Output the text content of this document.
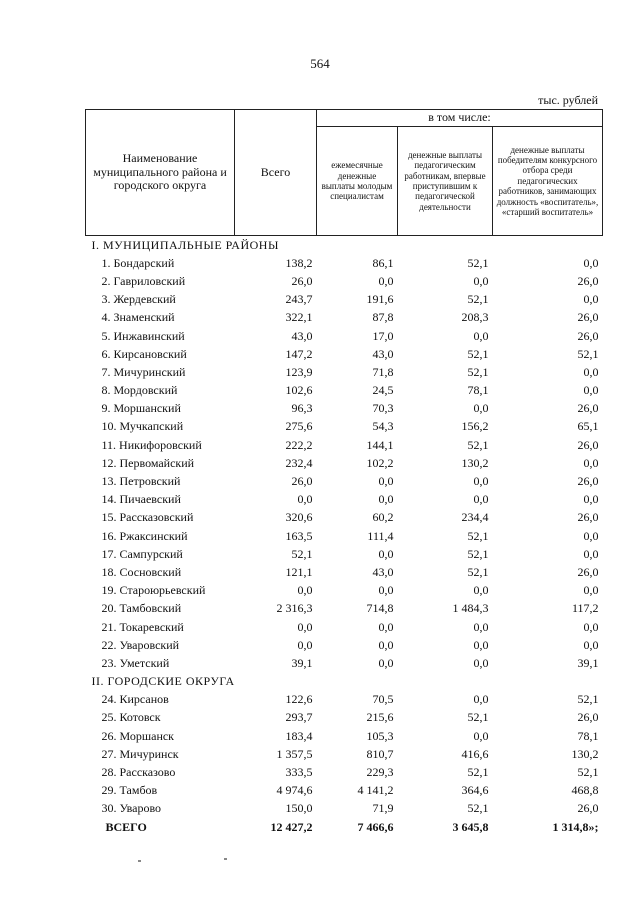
564
тыс. рублей
Наименование муниципального района и городского округа	Всего	в том числе:		
		ежемесячные денежные выплаты молодым специалистам	денежные выплаты педагогическим работникам, впервые приступившим к педагогической деятельности	денежные выплаты победителям конкурсного отбора среди педагогических работников, занимающих должность «воспитатель», «старший воспитатель»
І. МУНИЦИПАЛЬНЫЕ РАЙОНЫ				
1. Бондарский	138,2	86,1	52,1	0,0
2. Гавриловский	26,0	0,0	0,0	26,0
3. Жердевский	243,7	191,6	52,1	0,0
4. Знаменский	322,1	87,8	208,3	26,0
5. Инжавинский	43,0	17,0	0,0	26,0
6. Кирсановский	147,2	43,0	52,1	52,1
7. Мичуринский	123,9	71,8	52,1	0,0
8. Мордовский	102,6	24,5	78,1	0,0
9. Моршанский	96,3	70,3	0,0	26,0
10. Мучкапский	275,6	54,3	156,2	65,1
11. Никифоровский	222,2	144,1	52,1	26,0
12. Первомайский	232,4	102,2	130,2	0,0
13. Петровский	26,0	0,0	0,0	26,0
14. Пичаевский	0,0	0,0	0,0	0,0
15. Рассказовский	320,6	60,2	234,4	26,0
16. Ржаксинский	163,5	111,4	52,1	0,0
17. Сампурский	52,1	0,0	52,1	0,0
18. Сосновский	121,1	43,0	52,1	26,0
19. Староюрьевский	0,0	0,0	0,0	0,0
20. Тамбовский	2 316,3	714,8	1 484,3	117,2
21. Токаревский	0,0	0,0	0,0	0,0
22. Уваровский	0,0	0,0	0,0	0,0
23. Уметский	39,1	0,0	0,0	39,1
II. ГОРОДСКИЕ ОКРУГА				
24. Кирсанов	122,6	70,5	0,0	52,1
25. Котовск	293,7	215,6	52,1	26,0
26. Моршанск	183,4	105,3	0,0	78,1
27. Мичуринск	1 357,5	810,7	416,6	130,2
28. Рассказово	333,5	229,3	52,1	52,1
29. Тамбов	4 974,6	4 141,2	364,6	468,8
30. Уварово	150,0	71,9	52,1	26,0
ВСЕГО	12 427,2	7 466,6	3 645,8	1 314,8»;
